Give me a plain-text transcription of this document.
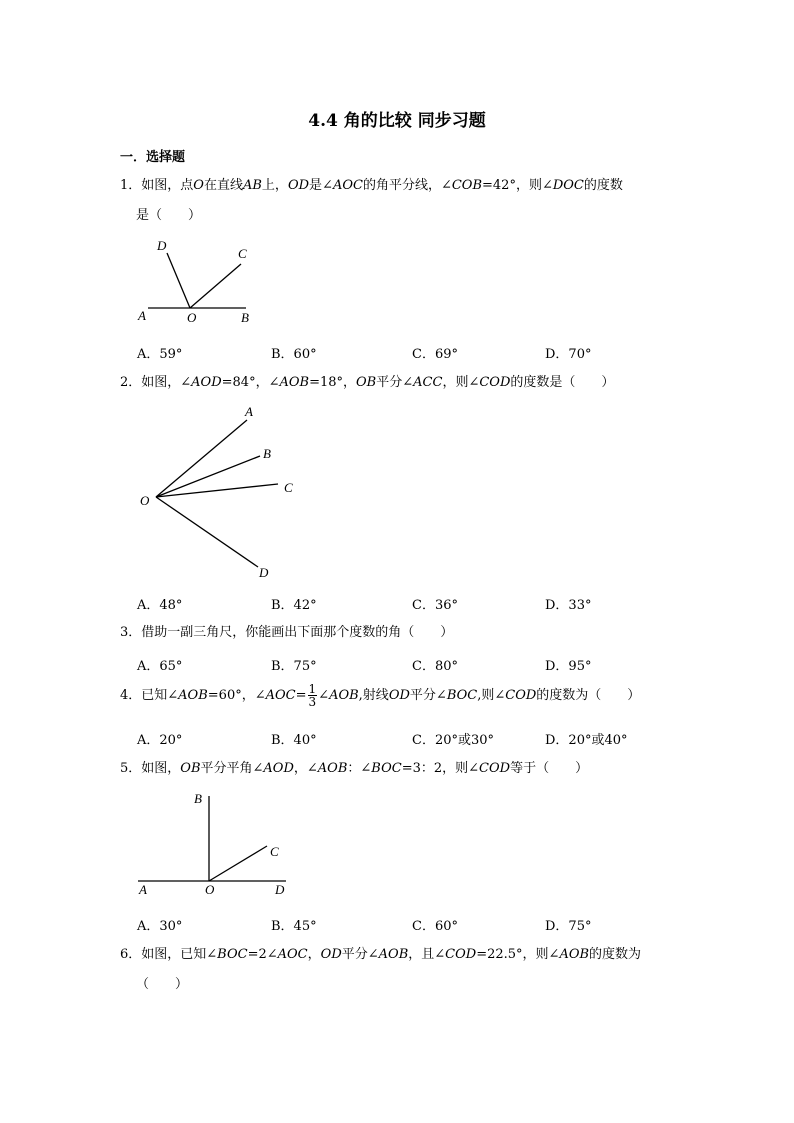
4.4 角的比较 同步习题
一．选择题
1．如图，点O在直线AB上，OD是∠AOC的角平分线，∠COB=42°，则∠DOC的度数
是（　　）
D
C
A	O	B
A．59°	B．60°	C．69°	D．70°
2．如图，∠AOD=84°，∠AOB=18°，OB平分∠ACC，则∠COD的度数是（　　）
A
B
C
O
D
A．48°	B．42°	C．36°	D．33°
3．借助一副三角尺，你能画出下面那个度数的角（　　）
A．65°	B．75°	C．80°	D．95°
4．已知∠AOB=60°，∠AOC= $\frac{1}{3}$ ∠AOB,射线OD平分∠BOC,则∠COD的度数为（　　）
A．20°	B．40°	C．20°或30°	D．20°或40°
5．如图，OB平分平角∠AOD，∠AOB：∠BOC=3：2，则∠COD等于（　　）
B
C
A	O	D
A．30°	B．45°	C．60°	D．75°
6．如图，已知∠BOC=2∠AOC，OD平分∠AOB，且∠COD=22.5°，则∠AOB的度数为
（　　）
